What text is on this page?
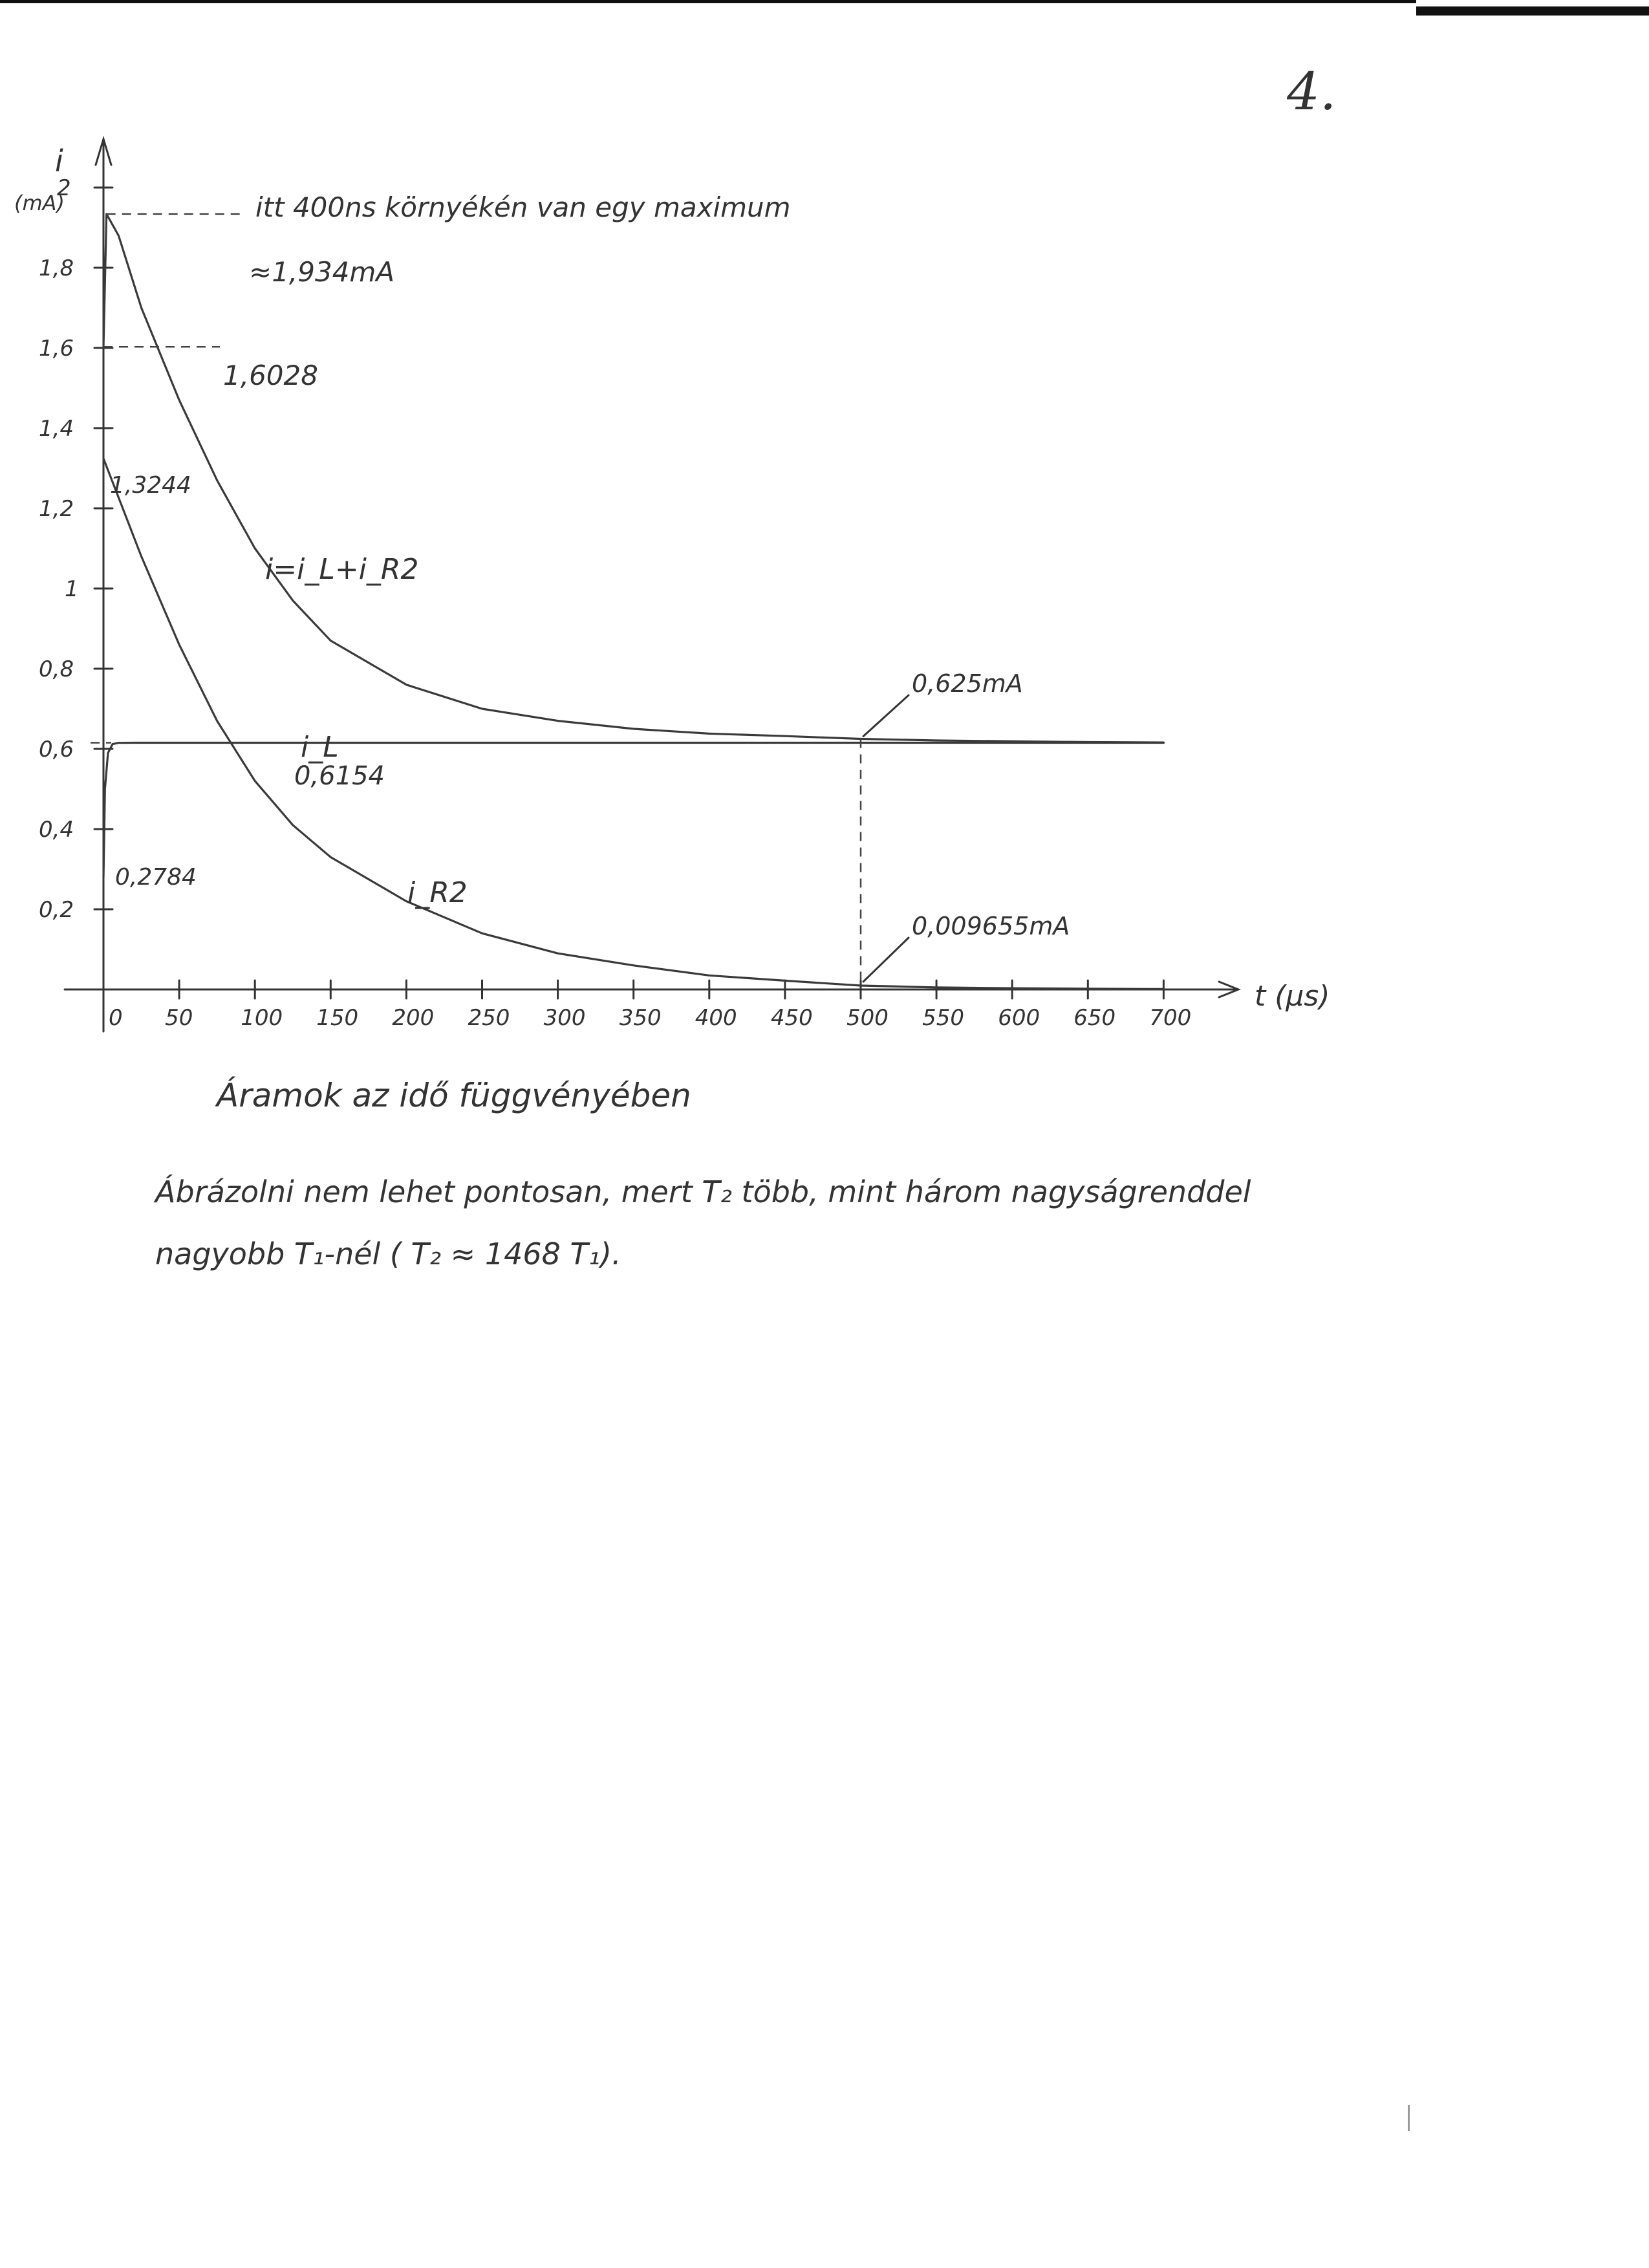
4.
i
(mA)
t (μs)
0 50 100 150 200 250 300 350 400 450 500 550 600 650 700
2
1,8
1,6
1,4
1,2
1
0,8
0,6
0,4
0,2
itt 400ns környékén van egy maximum
≈1,934mA
1,6028
1,3244
0,6154
0,2784
0,625mA
0,009655mA
i=i_L+i_R2
i_L
i_R2
Áramok az idő függvényében
Ábrázolni nem lehet pontosan, mert T₂ több, mint három nagyságrenddel
nagyobb T₁-nél ( T₂ ≈ 1468 T₁).
